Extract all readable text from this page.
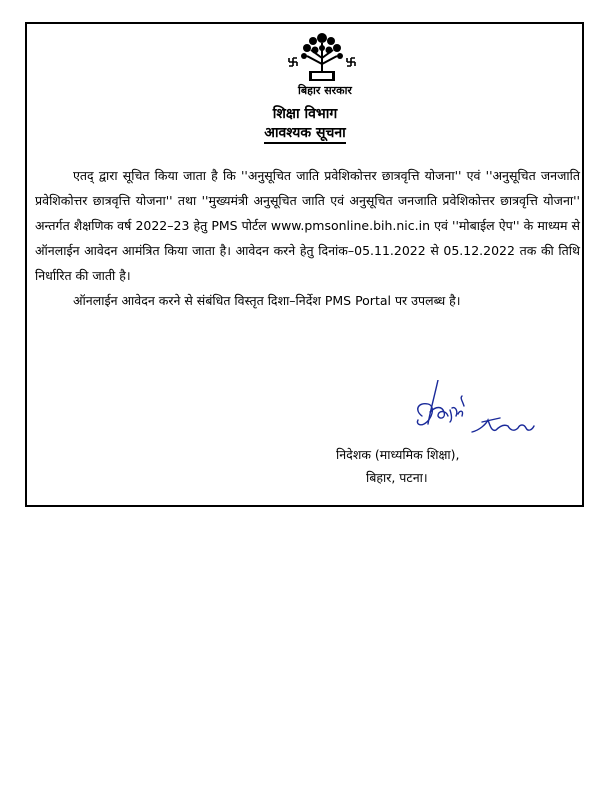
बिहार सरकार
शिक्षा विभाग
आवश्यक सूचना

एतद् द्वारा सूचित किया जाता है कि ''अनुसूचित जाति प्रवेशिकोत्तर छात्रवृत्ति योजना'' एवं ''अनुसूचित जनजाति प्रवेशिकोत्तर छात्रवृत्ति योजना'' तथा ''मुख्यमंत्री अनुसूचित जाति एवं अनुसूचित जनजाति प्रवेशिकोत्तर छात्रवृत्ति योजना'' अन्तर्गत शैक्षणिक वर्ष 2022–23 हेतु PMS पोर्टल www.pmsonline.bih.nic.in एवं ''मोबाईल ऐप'' के माध्यम से ऑनलाईन आवेदन आमंत्रित किया जाता है। आवेदन करने हेतु दिनांक–05.11.2022 से 05.12.2022 तक की तिथि निर्धारित की जाती है।

ऑनलाईन आवेदन करने से संबंधित विस्तृत दिशा–निर्देश PMS Portal पर उपलब्ध है।

निदेशक (माध्यमिक शिक्षा),
बिहार, पटना।
